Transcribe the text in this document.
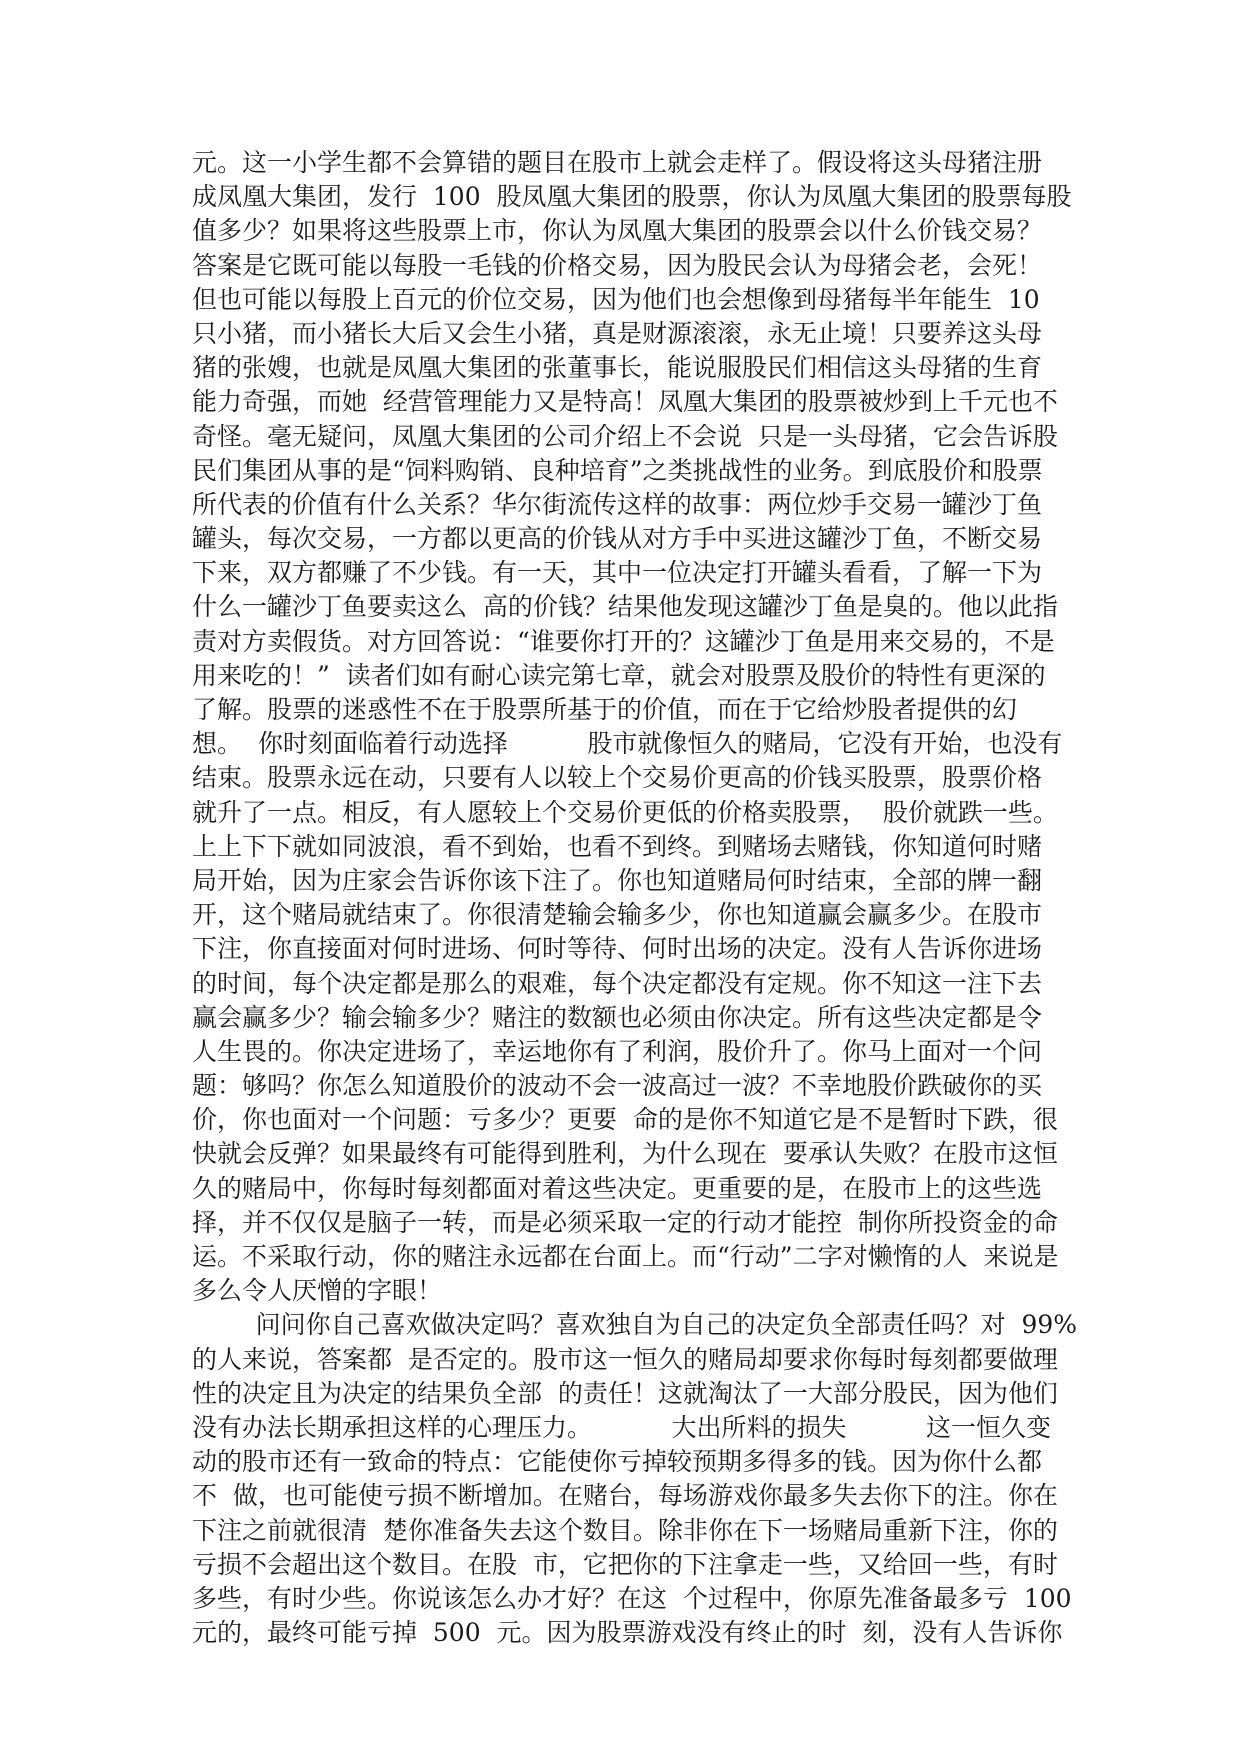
元。这一小学生都不会算错的题目在股市上就会走样了。假设将这头母猪注册
成凤凰大集团，发行  100  股凤凰大集团的股票，你认为凤凰大集团的股票每股
值多少？如果将这些股票上市，你认为凤凰大集团的股票会以什么价钱交易？
答案是它既可能以每股一毛钱的价格交易，因为股民会认为母猪会老，会死！
但也可能以每股上百元的价位交易，因为他们也会想像到母猪每半年能生  10
只小猪，而小猪长大后又会生小猪，真是财源滚滚，永无止境！只要养这头母
猪的张嫂，也就是凤凰大集团的张董事长，能说服股民们相信这头母猪的生育
能力奇强，而她  经营管理能力又是特高！凤凰大集团的股票被炒到上千元也不
奇怪。毫无疑问，凤凰大集团的公司介绍上不会说  只是一头母猪，它会告诉股
民们集团从事的是“饲料购销、良种培育”之类挑战性的业务。到底股价和股票
所代表的价值有什么关系？华尔街流传这样的故事：两位炒手交易一罐沙丁鱼
罐头，每次交易，一方都以更高的价钱从对方手中买进这罐沙丁鱼，不断交易
下来，双方都赚了不少钱。有一天，其中一位决定打开罐头看看，了解一下为
什么一罐沙丁鱼要卖这么  高的价钱？结果他发现这罐沙丁鱼是臭的。他以此指
责对方卖假货。对方回答说：“谁要你打开的？这罐沙丁鱼是用来交易的，不是
用来吃的！”  读者们如有耐心读完第七章，就会对股票及股价的特性有更深的
了解。股票的迷惑性不在于股票所基于的价值，而在于它给炒股者提供的幻
想。  你时刻面临着行动选择          股市就像恒久的赌局，它没有开始，也没有
结束。股票永远在动，只要有人以较上个交易价更高的价钱买股票，股票价格
就升了一点。相反，有人愿较上个交易价更低的价格卖股票，  股价就跌一些。
上上下下就如同波浪，看不到始，也看不到终。到赌场去赌钱，你知道何时赌
局开始，因为庄家会告诉你该下注了。你也知道赌局何时结束，全部的牌一翻
开，这个赌局就结束了。你很清楚输会输多少，你也知道赢会赢多少。在股市
下注，你直接面对何时进场、何时等待、何时出场的决定。没有人告诉你进场
的时间，每个决定都是那么的艰难，每个决定都没有定规。你不知这一注下去
赢会赢多少？输会输多少？赌注的数额也必须由你决定。所有这些决定都是令
人生畏的。你决定进场了，幸运地你有了利润，股价升了。你马上面对一个问
题：够吗？你怎么知道股价的波动不会一波高过一波？不幸地股价跌破你的买
价，你也面对一个问题：亏多少？更要  命的是你不知道它是不是暂时下跌，很
快就会反弹？如果最终有可能得到胜利，为什么现在  要承认失败？在股市这恒
久的赌局中，你每时每刻都面对着这些决定。更重要的是，在股市上的这些选
择，并不仅仅是脑子一转，而是必须采取一定的行动才能控  制你所投资金的命
运。不采取行动，你的赌注永远都在台面上。而“行动”二字对懒惰的人  来说是
多么令人厌憎的字眼！
问问你自己喜欢做决定吗？喜欢独自为自己的决定负全部责任吗？对  99%
的人来说，答案都  是否定的。股市这一恒久的赌局却要求你每时每刻都要做理
性的决定且为决定的结果负全部  的责任！这就淘汰了一大部分股民，因为他们
没有办法长期承担这样的心理压力。          大出所料的损失          这一恒久变
动的股市还有一致命的特点：它能使你亏掉较预期多得多的钱。因为你什么都
不  做，也可能使亏损不断增加。在赌台，每场游戏你最多失去你下的注。你在
下注之前就很清  楚你准备失去这个数目。除非你在下一场赌局重新下注，你的
亏损不会超出这个数目。在股  市，它把你的下注拿走一些，又给回一些，有时
多些，有时少些。你说该怎么办才好？在这  个过程中，你原先准备最多亏  100
元的，最终可能亏掉  500  元。因为股票游戏没有终止的时  刻，没有人告诉你
